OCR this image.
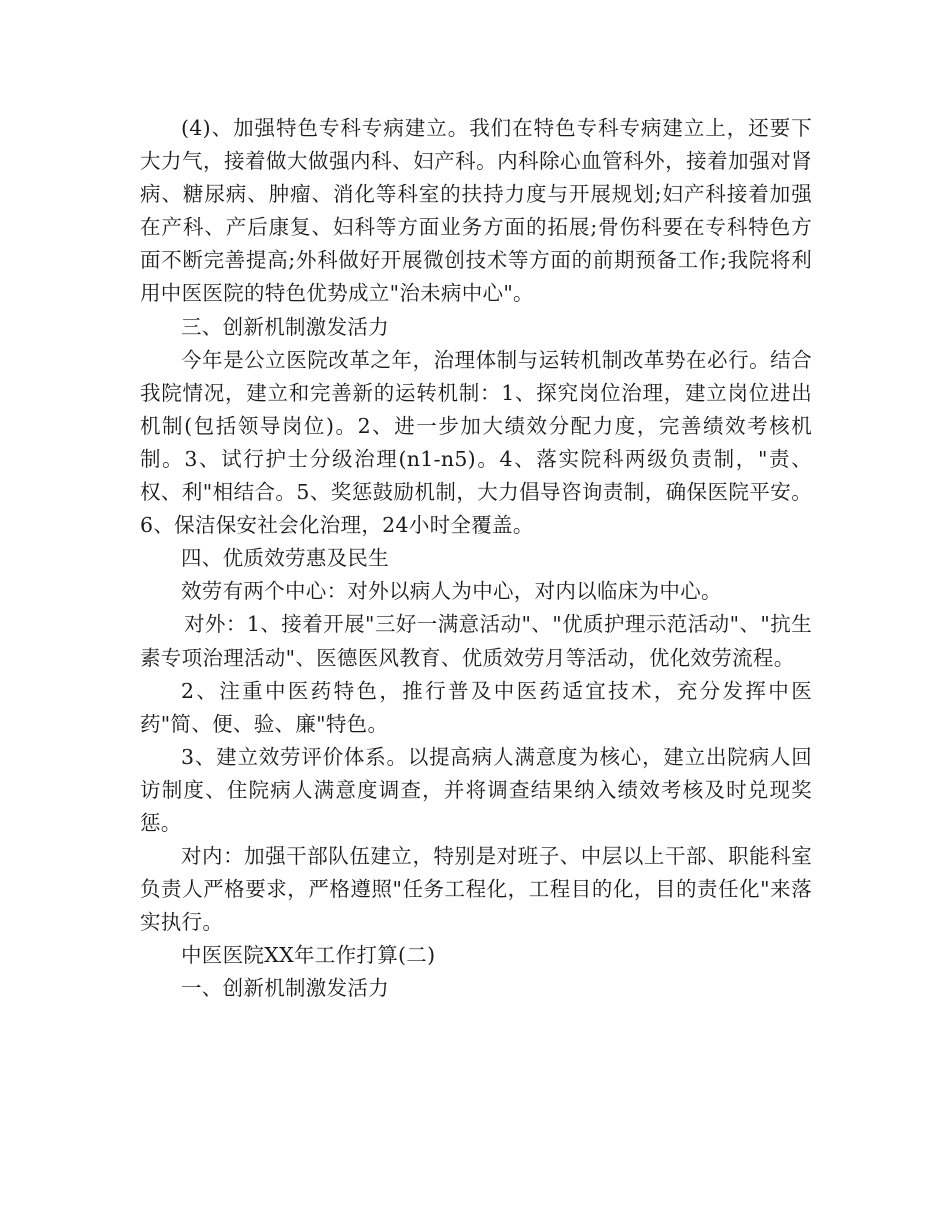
(4)、加强特色专科专病建立。我们在特色专科专病建立上，还要下大力气，接着做大做强内科、妇产科。内科除心血管科外，接着加强对肾病、糖尿病、肿瘤、消化等科室的扶持力度与开展规划;妇产科接着加强在产科、产后康复、妇科等方面业务方面的拓展;骨伤科要在专科特色方面不断完善提高;外科做好开展微创技术等方面的前期预备工作;我院将利用中医医院的特色优势成立"治未病中心"。

三、创新机制激发活力

今年是公立医院改革之年，治理体制与运转机制改革势在必行。结合我院情况，建立和完善新的运转机制：1、探究岗位治理，建立岗位进出机制(包括领导岗位)。2、进一步加大绩效分配力度，完善绩效考核机制。3、试行护士分级治理(n1-n5)。4、落实院科两级负责制，"责、权、利"相结合。5、奖惩鼓励机制，大力倡导咨询责制，确保医院平安。6、保洁保安社会化治理，24小时全覆盖。

四、优质效劳惠及民生

效劳有两个中心：对外以病人为中心，对内以临床为中心。

对外：1、接着开展"三好一满意活动"、"优质护理示范活动"、"抗生素专项治理活动"、医德医风教育、优质效劳月等活动，优化效劳流程。

2、注重中医药特色，推行普及中医药适宜技术，充分发挥中医药"简、便、验、廉"特色。

3、建立效劳评价体系。以提高病人满意度为核心，建立出院病人回访制度、住院病人满意度调查，并将调查结果纳入绩效考核及时兑现奖惩。

对内：加强干部队伍建立，特别是对班子、中层以上干部、职能科室负责人严格要求，严格遵照"任务工程化，工程目的化，目的责任化"来落实执行。

中医医院XX年工作打算(二)

一、创新机制激发活力
